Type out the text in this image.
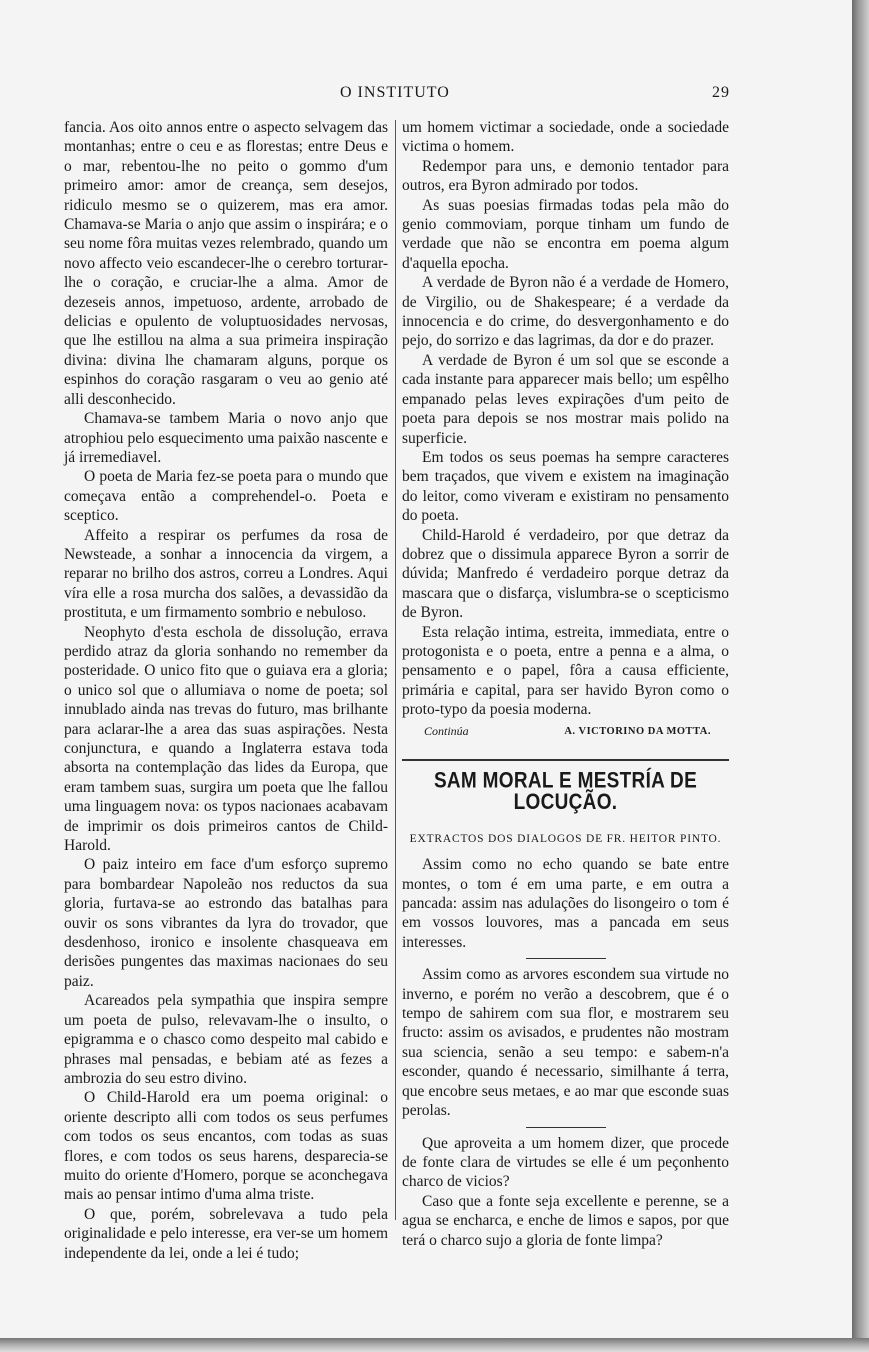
O INSTITUTO	29

fancia. Aos oito annos entre o aspecto selvagem das montanhas; entre o ceu e as florestas; entre Deus e o mar, rebentou-lhe no peito o gommo d'um primeiro amor: amor de creança, sem desejos, ridiculo mesmo se o quizerem, mas era amor. Chamava-se Maria o anjo que assim o inspirára; e o seu nome fôra muitas vezes relembrado, quando um novo affecto veio escandecer-lhe o cerebro torturar-lhe o coração, e cruciar-lhe a alma. Amor de dezeseis annos, impetuoso, ardente, arrobado de delicias e opulento de voluptuosidades nervosas, que lhe estillou na alma a sua primeira inspiração divina: divina lhe chamaram alguns, porque os espinhos do coração rasgaram o veu ao genio até alli desconhecido.

Chamava-se tambem Maria o novo anjo que atrophiou pelo esquecimento uma paixão nascente e já irremediavel.

O poeta de Maria fez-se poeta para o mundo que começava então a comprehendel-o. Poeta e sceptico.

Affeito a respirar os perfumes da rosa de Newsteade, a sonhar a innocencia da virgem, a reparar no brilho dos astros, correu a Londres. Aqui víra elle a rosa murcha dos salões, a devassidão da prostituta, e um firmamento sombrio e nebuloso.

Neophyto d'esta eschola de dissolução, errava perdido atraz da gloria sonhando no remember da posteridade. O unico fito que o guiava era a gloria; o unico sol que o allumiava o nome de poeta; sol innublado ainda nas trevas do futuro, mas brilhante para aclarar-lhe a area das suas aspirações. Nesta conjunctura, e quando a Inglaterra estava toda absorta na contemplação das lides da Europa, que eram tambem suas, surgira um poeta que lhe fallou uma linguagem nova: os typos nacionaes acabavam de imprimir os dois primeiros cantos de Child-Harold.

O paiz inteiro em face d'um esforço supremo para bombardear Napoleão nos reductos da sua gloria, furtava-se ao estrondo das batalhas para ouvir os sons vibrantes da lyra do trovador, que desdenhoso, ironico e insolente chasqueava em derisões pungentes das maximas nacionaes do seu paiz.

Acareados pela sympathia que inspira sempre um poeta de pulso, relevavam-lhe o insulto, o epigramma e o chasco como despeito mal cabido e phrases mal pensadas, e bebiam até as fezes a ambrozia do seu estro divino.

O Child-Harold era um poema original: o oriente descripto alli com todos os seus perfumes com todos os seus encantos, com todas as suas flores, e com todos os seus harens, desparecia-se muito do oriente d'Homero, porque se aconchegava mais ao pensar intimo d'uma alma triste.

O que, porém, sobrelevava a tudo pela originalidade e pelo interesse, era ver-se um homem independente da lei, onde a lei é tudo;

um homem victimar a sociedade, onde a sociedade victima o homem.

Redempor para uns, e demonio tentador para outros, era Byron admirado por todos.

As suas poesias firmadas todas pela mão do genio commoviam, porque tinham um fundo de verdade que não se encontra em poema algum d'aquella epocha.

A verdade de Byron não é a verdade de Homero, de Virgilio, ou de Shakespeare; é a verdade da innocencia e do crime, do desvergonhamento e do pejo, do sorrizo e das lagrimas, da dor e do prazer.

A verdade de Byron é um sol que se esconde a cada instante para apparecer mais bello; um espêlho empanado pelas leves expirações d'um peito de poeta para depois se nos mostrar mais polido na superficie.

Em todos os seus poemas ha sempre caracteres bem traçados, que vivem e existem na imaginação do leitor, como viveram e existiram no pensamento do poeta.

Child-Harold é verdadeiro, por que detraz da dobrez que o dissimula apparece Byron a sorrir de dúvida; Manfredo é verdadeiro porque detraz da mascara que o disfarça, vislumbra-se o scepticismo de Byron.

Esta relação intima, estreita, immediata, entre o protogonista e o poeta, entre a penna e a alma, o pensamento e o papel, fôra a causa efficiente, primária e capital, para ser havido Byron como o proto-typo da poesia moderna.

Continúa	A. VICTORINO DA MOTTA.
SAM MORAL E MESTRÍA DE LOCUÇÃO.
EXTRACTOS DOS DIALOGOS DE FR. HEITOR PINTO.

Assim como no echo quando se bate entre montes, o tom é em uma parte, e em outra a pancada: assim nas adulações do lisongeiro o tom é em vossos louvores, mas a pancada em seus interesses.

Assim como as arvores escondem sua virtude no inverno, e porém no verão a descobrem, que é o tempo de sahirem com sua flor, e mostrarem seu fructo: assim os avisados, e prudentes não mostram sua sciencia, senão a seu tempo: e sabem-n'a esconder, quando é necessario, similhante á terra, que encobre seus metaes, e ao mar que esconde suas perolas.

Que aproveita a um homem dizer, que procede de fonte clara de virtudes se elle é um peçonhento charco de vicios?

Caso que a fonte seja excellente e perenne, se a agua se encharca, e enche de limos e sapos, por que terá o charco sujo a gloria de fonte limpa?
